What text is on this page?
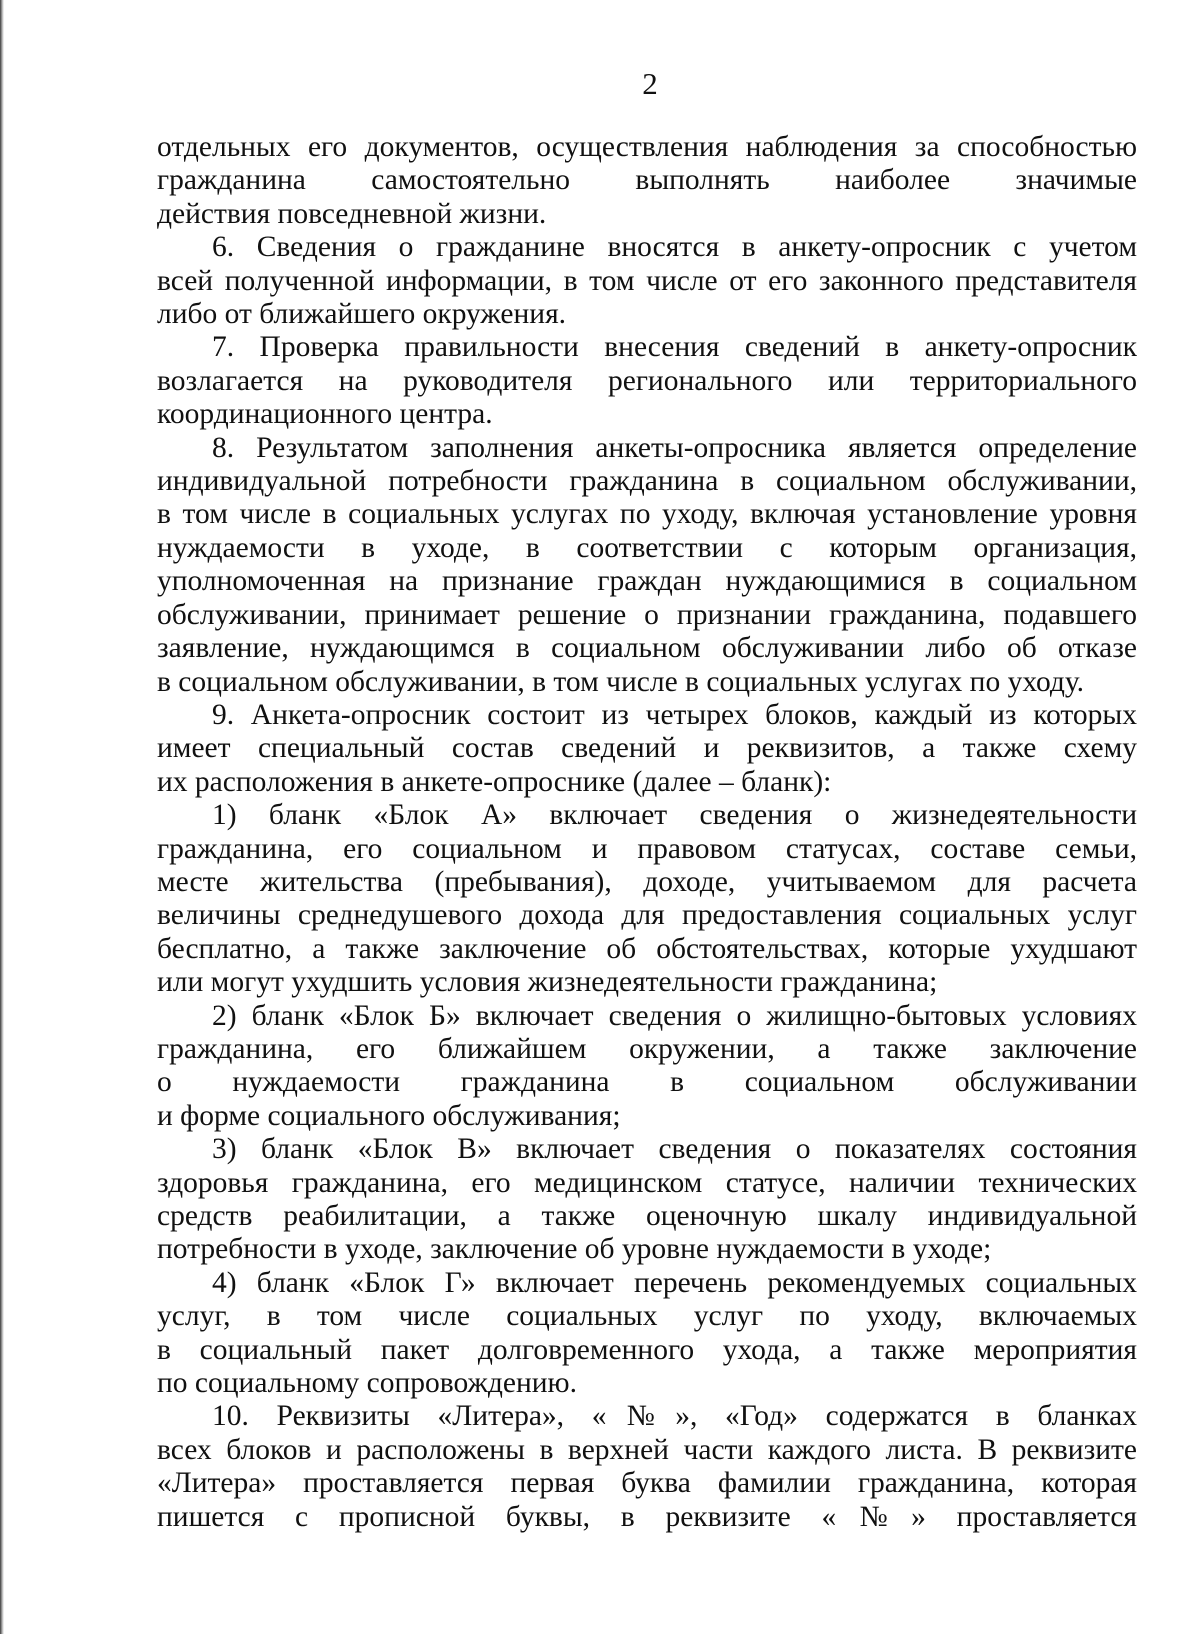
2
отдельных его документов, осуществления наблюдения за способностью
гражданина самостоятельно выполнять наиболее значимые
действия повседневной жизни.
6. Сведения о гражданине вносятся в анкету-опросник с учетом
всей полученной информации, в том числе от его законного представителя
либо от ближайшего окружения.
7. Проверка правильности внесения сведений в анкету-опросник
возлагается на руководителя регионального или территориального
координационного центра.
8. Результатом заполнения анкеты-опросника является определение
индивидуальной потребности гражданина в социальном обслуживании,
в том числе в социальных услугах по уходу, включая установление уровня
нуждаемости в уходе, в соответствии с которым организация,
уполномоченная на признание граждан нуждающимися в социальном
обслуживании, принимает решение о признании гражданина, подавшего
заявление, нуждающимся в социальном обслуживании либо об отказе
в социальном обслуживании, в том числе в социальных услугах по уходу.
9. Анкета-опросник состоит из четырех блоков, каждый из которых
имеет специальный состав сведений и реквизитов, а также схему
их расположения в анкете-опроснике (далее – бланк):
1) бланк «Блок А» включает сведения о жизнедеятельности
гражданина, его социальном и правовом статусах, составе семьи,
месте жительства (пребывания), доходе, учитываемом для расчета
величины среднедушевого дохода для предоставления социальных услуг
бесплатно, а также заключение об обстоятельствах, которые ухудшают
или могут ухудшить условия жизнедеятельности гражданина;
2) бланк «Блок Б» включает сведения о жилищно-бытовых условиях
гражданина, его ближайшем окружении, а также заключение
о нуждаемости гражданина в социальном обслуживании
и форме социального обслуживания;
3) бланк «Блок В» включает сведения о показателях состояния
здоровья гражданина, его медицинском статусе, наличии технических
средств реабилитации, а также оценочную шкалу индивидуальной
потребности в уходе, заключение об уровне нуждаемости в уходе;
4) бланк «Блок Г» включает перечень рекомендуемых социальных
услуг, в том числе социальных услуг по уходу, включаемых
в социальный пакет долговременного ухода, а также мероприятия
по социальному сопровождению.
10. Реквизиты «Литера», «№», «Год» содержатся в бланках
всех блоков и расположены в верхней части каждого листа. В реквизите
«Литера» проставляется первая буква фамилии гражданина, которая
пишется с прописной буквы, в реквизите «№» проставляется
